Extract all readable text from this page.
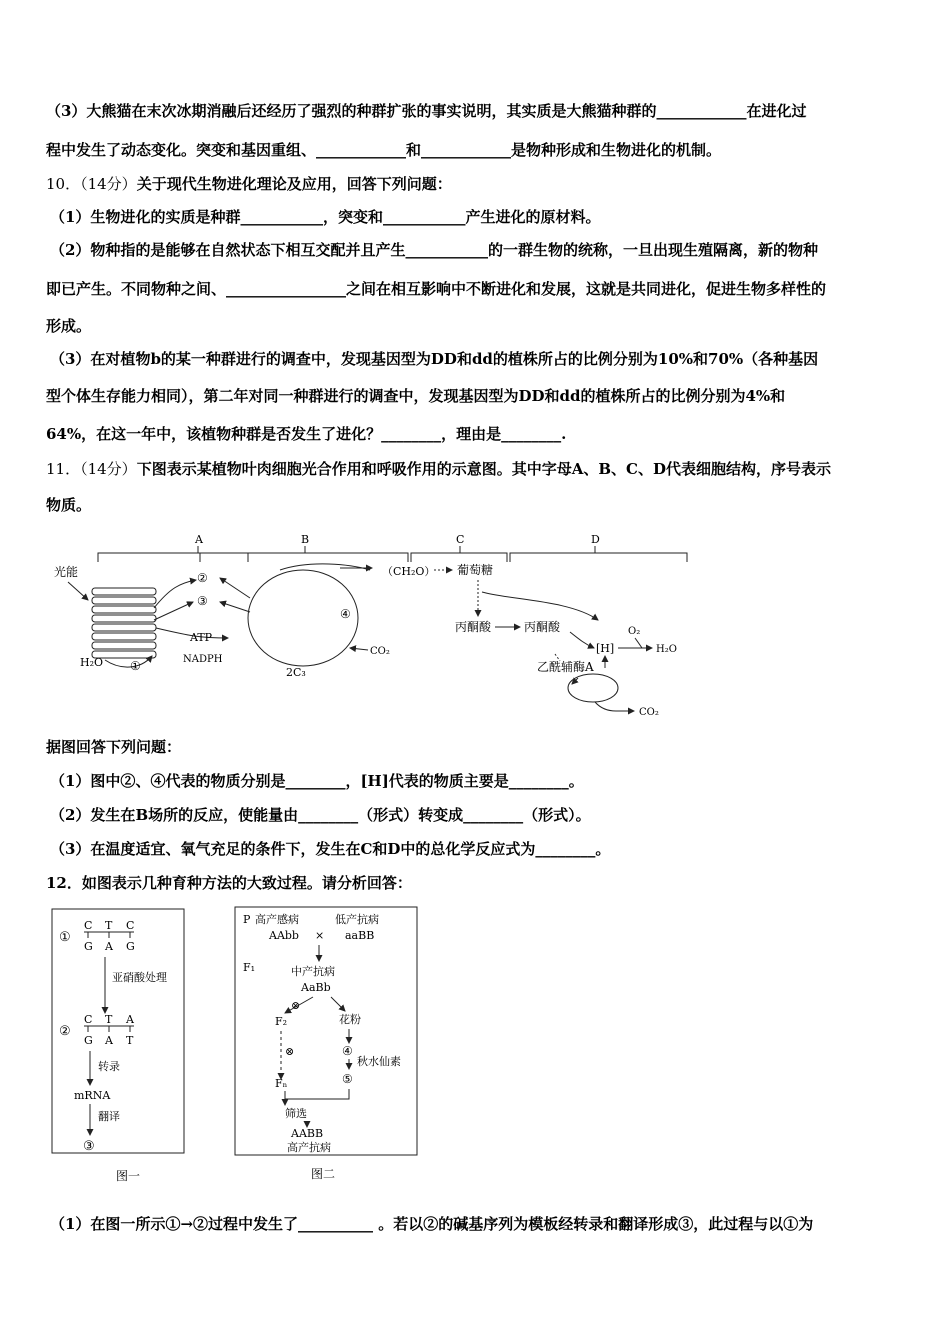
（3）大熊猫在末次冰期消融后还经历了强烈的种群扩张的事实说明，其实质是大熊猫种群的____________在进化过
程中发生了动态变化。突变和基因重组、____________和____________是物种形成和生物进化的机制。
10．（14分）关于现代生物进化理论及应用，回答下列问题：
（1）生物进化的实质是种群___________，突变和___________产生进化的原材料。
（2）物种指的是能够在自然状态下相互交配并且产生___________的一群生物的统称，一旦出现生殖隔离，新的物种
即已产生。不同物种之间、________________之间在相互影响中不断进化和发展，这就是共同进化，促进生物多样性的
形成。
（3）在对植物b的某一种群进行的调查中，发现基因型为DD和dd的植株所占的比例分别为10%和70%（各种基因
型个体生存能力相同），第二年对同一种群进行的调查中，发现基因型为DD和dd的植株所占的比例分别为4%和
64%，在这一年中，该植物种群是否发生了进化？________，理由是________.
11．（14分）下图表示某植物叶肉细胞光合作用和呼吸作用的示意图。其中字母A、B、C、D代表细胞结构，序号表示
物质。
A	B	C	D
光能
H₂O ①
②
③
ATP
NADPH
④
CO₂
2C₃
（CH₂O） 葡萄糖
丙酮酸	丙酮酸
[H]
O₂
H₂O
乙酰辅酶A
CO₂
据图回答下列问题：
（1）图中②、④代表的物质分别是________，[H]代表的物质主要是________。
（2）发生在B场所的反应，使能量由________（形式）转变成________（形式）。
（3）在温度适宜、氧气充足的条件下，发生在C和D中的总化学反应式为________。
12．如图表示几种育种方法的大致过程。请分析回答：
①
C T C
G A G
亚硝酸处理
②
C T A
G A T
转录
mRNA
翻译
③
图一
P 高产感病	低产抗病
AAbb × aaBB
F₁	中产抗病
AaBb
⊗
F₂	花粉
⊗	④
秋水仙素
⑤
Fₙ
筛选
AABB
高产抗病
图二
（1）在图一所示①→②过程中发生了__________ 。若以②的碱基序列为模板经转录和翻译形成③，此过程与以①为
